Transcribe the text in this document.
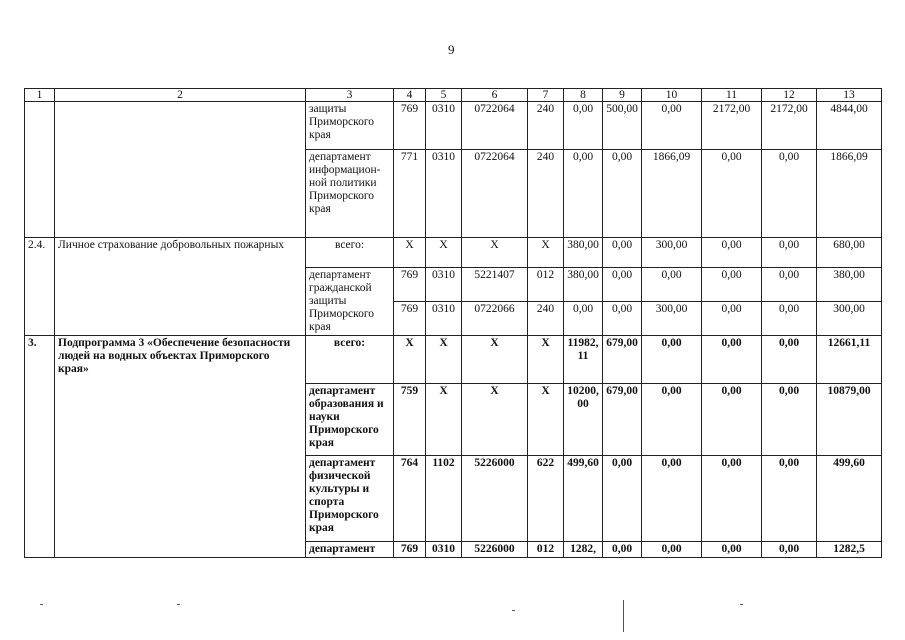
9
1	2	3	4	5	6	7	8	9	10	11	12	13
		защиты Приморского края	769	0310	0722064	240	0,00	500,00	0,00	2172,00	2172,00	4844,00
		департамент информацион-ной политики Приморского края	771	0310	0722064	240	0,00	0,00	1866,09	0,00	0,00	1866,09
2.4.	Личное страхование добровольных пожарных	всего:	X	X	X	X	380,00	0,00	300,00	0,00	0,00	680,00
		департамент гражданской защиты Приморского края	769	0310	5221407	012	380,00	0,00	0,00	0,00	0,00	380,00
			769	0310	0722066	240	0,00	0,00	300,00	0,00	0,00	300,00
3.	Подпрограмма 3 «Обеспечение безопасности людей на водных объектах Приморского края»	всего:	X	X	X	X	11982,11	679,00	0,00	0,00	0,00	12661,11
		департамент образования и науки Приморского края	759	X	X	X	10200,00	679,00	0,00	0,00	0,00	10879,00
		департамент физической культуры и спорта Приморского края	764	1102	5226000	622	499,60	0,00	0,00	0,00	0,00	499,60
		департамент	769	0310	5226000	012	1282,	0,00	0,00	0,00	0,00	1282,5
